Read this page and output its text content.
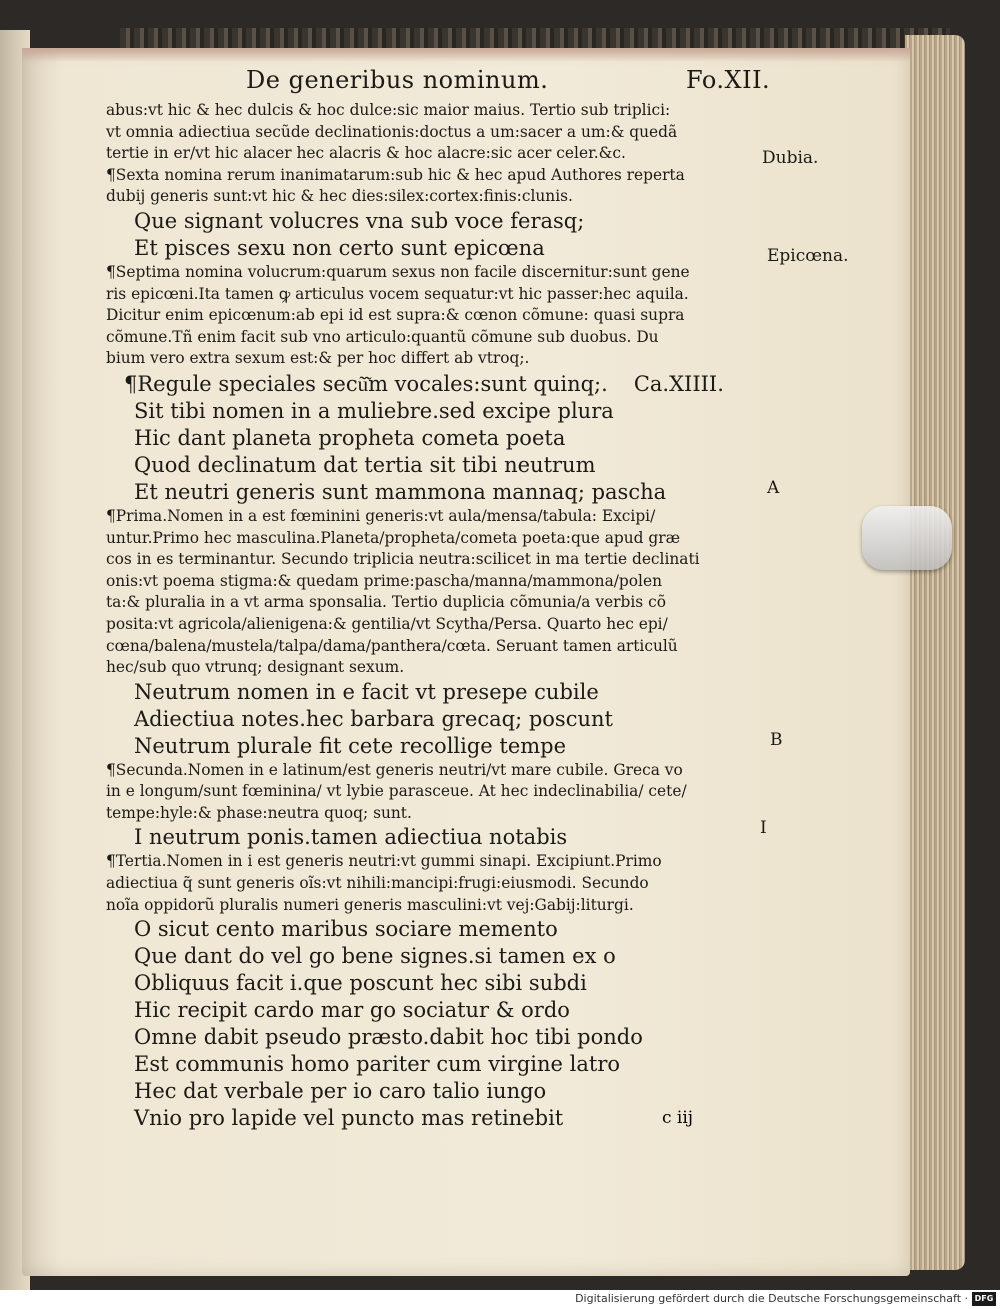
De generibus nominum.	Fo.XII.
abus:vt hic & hec dulcis & hoc dulce:sic maior maius. Tertio sub triplici:
vt omnia adiectiua secũde declinationis:doctus a um:sacer a um:& quedã
tertie in er/vt hic alacer hec alacris & hoc alacre:sic acer celer.&c.
¶Sexta nomina rerum inanimatarum:sub hic & hec apud Authores reperta
dubij generis sunt:vt hic & hec dies:silex:cortex:finis:clunis.
Que signant volucres vna sub voce ferasq;
Et pisces sexu non certo sunt epicœna
¶Septima nomina volucrum:quarum sexus non facile discernitur:sunt gene
ris epicœni.Ita tamen ꝙ articulus vocem sequatur:vt hic passer:hec aquila.
Dicitur enim epicœnum:ab epi id est supra:& cœnon cõmune: quasi supra
cõmune.Tñ enim facit sub vno articulo:quantũ cõmune sub duobus. Du
bium vero extra sexum est:& per hoc differt ab vtroq;.
¶Regule speciales secũ͂m vocales:sunt quinq;. Ca.XIIII.
Sit tibi nomen in a muliebre.sed excipe plura
Hic dant planeta propheta cometa poeta
Quod declinatum dat tertia sit tibi neutrum
Et neutri generis sunt mammona mannaq; pascha
¶Prima.Nomen in a est fœminini generis:vt aula/mensa/tabula: Excipi/
untur.Primo hec masculina.Planeta/propheta/cometa poeta:que apud græ
cos in es terminantur. Secundo triplicia neutra:scilicet in ma tertie declinati
onis:vt poema stigma:& quedam prime:pascha/manna/mammona/polen
ta:& pluralia in a vt arma sponsalia. Tertio duplicia cõmunia/a verbis cõ
posita:vt agricola/alienigena:& gentilia/vt Scytha/Persa. Quarto hec epi/
cœna/balena/mustela/talpa/dama/panthera/cœta. Seruant tamen articulũ
hec/sub quo vtrunq; designant sexum.
Neutrum nomen in e facit vt presepe cubile
Adiectiua notes.hec barbara grecaq; poscunt
Neutrum plurale fit cete recollige tempe
¶Secunda.Nomen in e latinum/est generis neutri/vt mare cubile. Greca vo
in e longum/sunt fœminina/ vt lybie parasceue. At hec indeclinabilia/ cete/
tempe:hyle:& phase:neutra quoq; sunt.
I neutrum ponis.tamen adiectiua notabis
¶Tertia.Nomen in i est generis neutri:vt gummi sinapi. Excipiunt.Primo
adiectiua q̃ sunt generis oĩs:vt nihili:mancipi:frugi:eiusmodi. Secundo
noĩa oppidorũ pluralis numeri generis masculini:vt vej:Gabij:liturgi.
O sicut cento maribus sociare memento
Que dant do vel go bene signes.si tamen ex o
Obliquus facit i.que poscunt hec sibi subdi
Hic recipit cardo mar go sociatur & ordo
Omne dabit pseudo præsto.dabit hoc tibi pondo
Est communis homo pariter cum virgine latro
Hec dat verbale per io caro talio iungo
Vnio pro lapide vel puncto mas retinebit
Dubia.
Epicœna.
A
B
I
c iij
Digitalisierung gefördert durch die Deutsche Forschungsgemeinschaft · DFG
